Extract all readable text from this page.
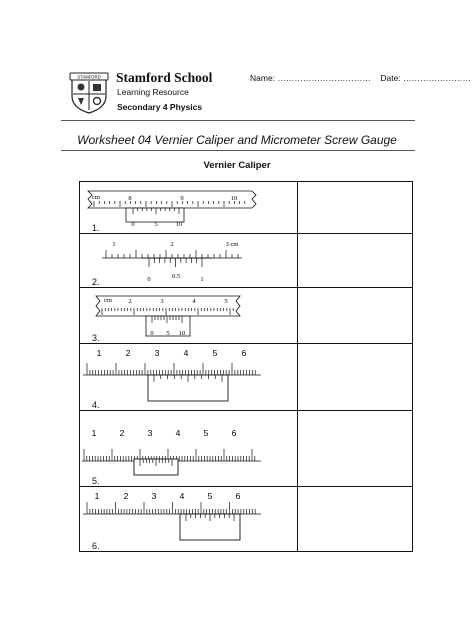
STAMFORD Stamford School
Learning Resource
Secondary 4 Physics
Name: …………………………… Date: ……………………
Worksheet 04 Vernier Caliper and Micrometer Screw Gauge
Vernier Caliper
1.
2.
3.
4.
5.
6.
cm	8	9	10
0	5	10
1	2	3 cm
0	0.5	1
cm	2	3	4	5
0 5 10
1	2	3	4	5	6
1	2	3	4	5	6
1	2	3	4	5	6
